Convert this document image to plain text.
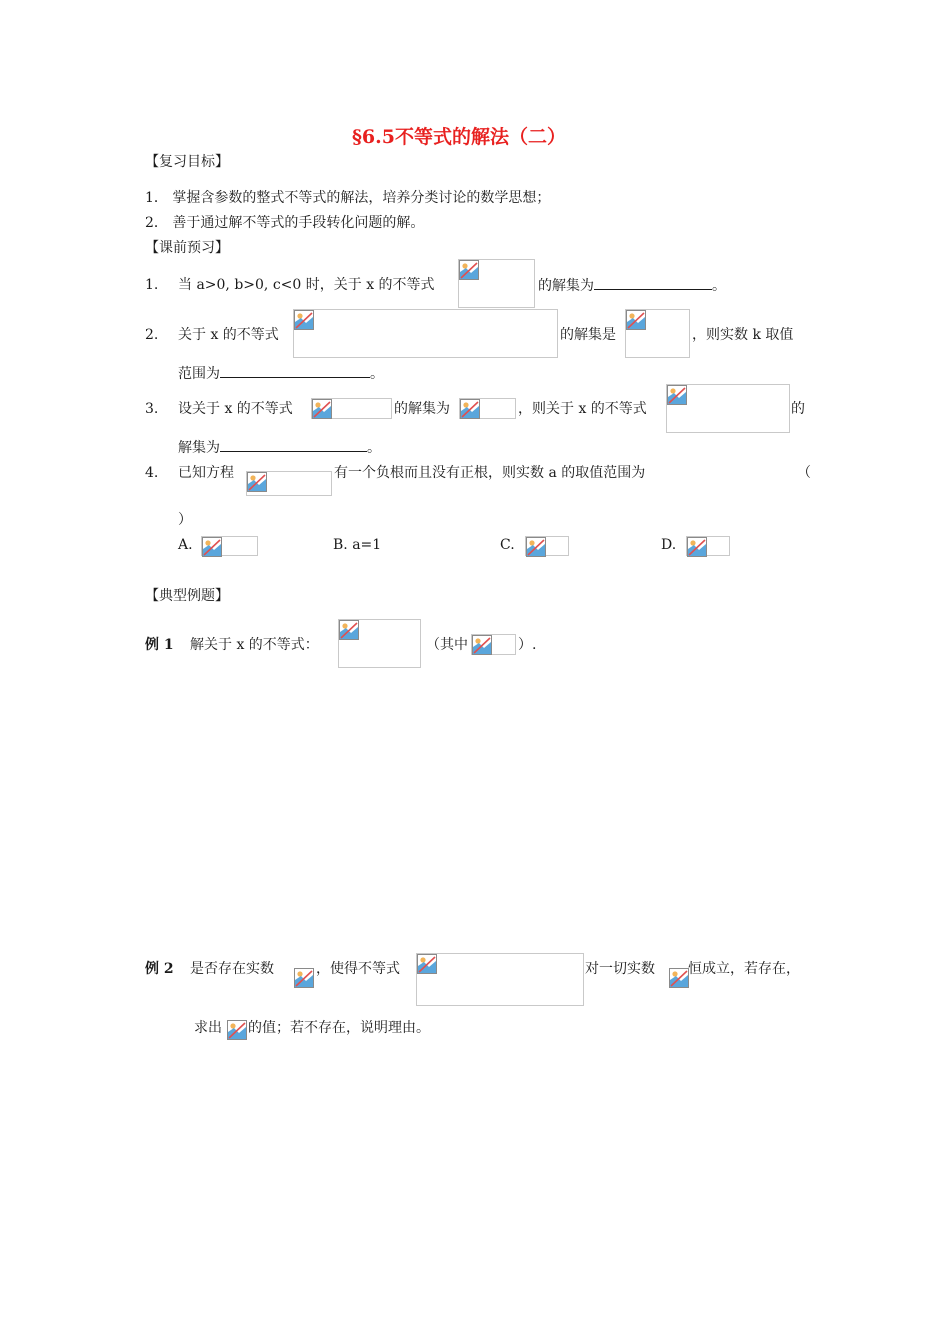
§6.5不等式的解法（二）
【复习目标】
1． 掌握含参数的整式不等式的解法，培养分类讨论的数学思想；
2． 善于通过解不等式的手段转化问题的解。
【课前预习】
1. 当 a>0, b>0, c<0 时，关于 x 的不等式	的解集为	。
2. 关于 x 的不等式	的解集是	，则实数 k 取值
范围为	。
3. 设关于 x 的不等式	的解集为	，则关于 x 的不等式	的
解集为	。
4. 已知方程	有一个负根而且没有正根，则实数 a 的取值范围为	（
）
A.	B. a=1	C.	D.
【典型例题】
例 1 解关于 x 的不等式：	（其中	）.
例 2 是否存在实数	，使得不等式	对一切实数 恒成立，若存在，
求出 的值；若不存在，说明理由。
